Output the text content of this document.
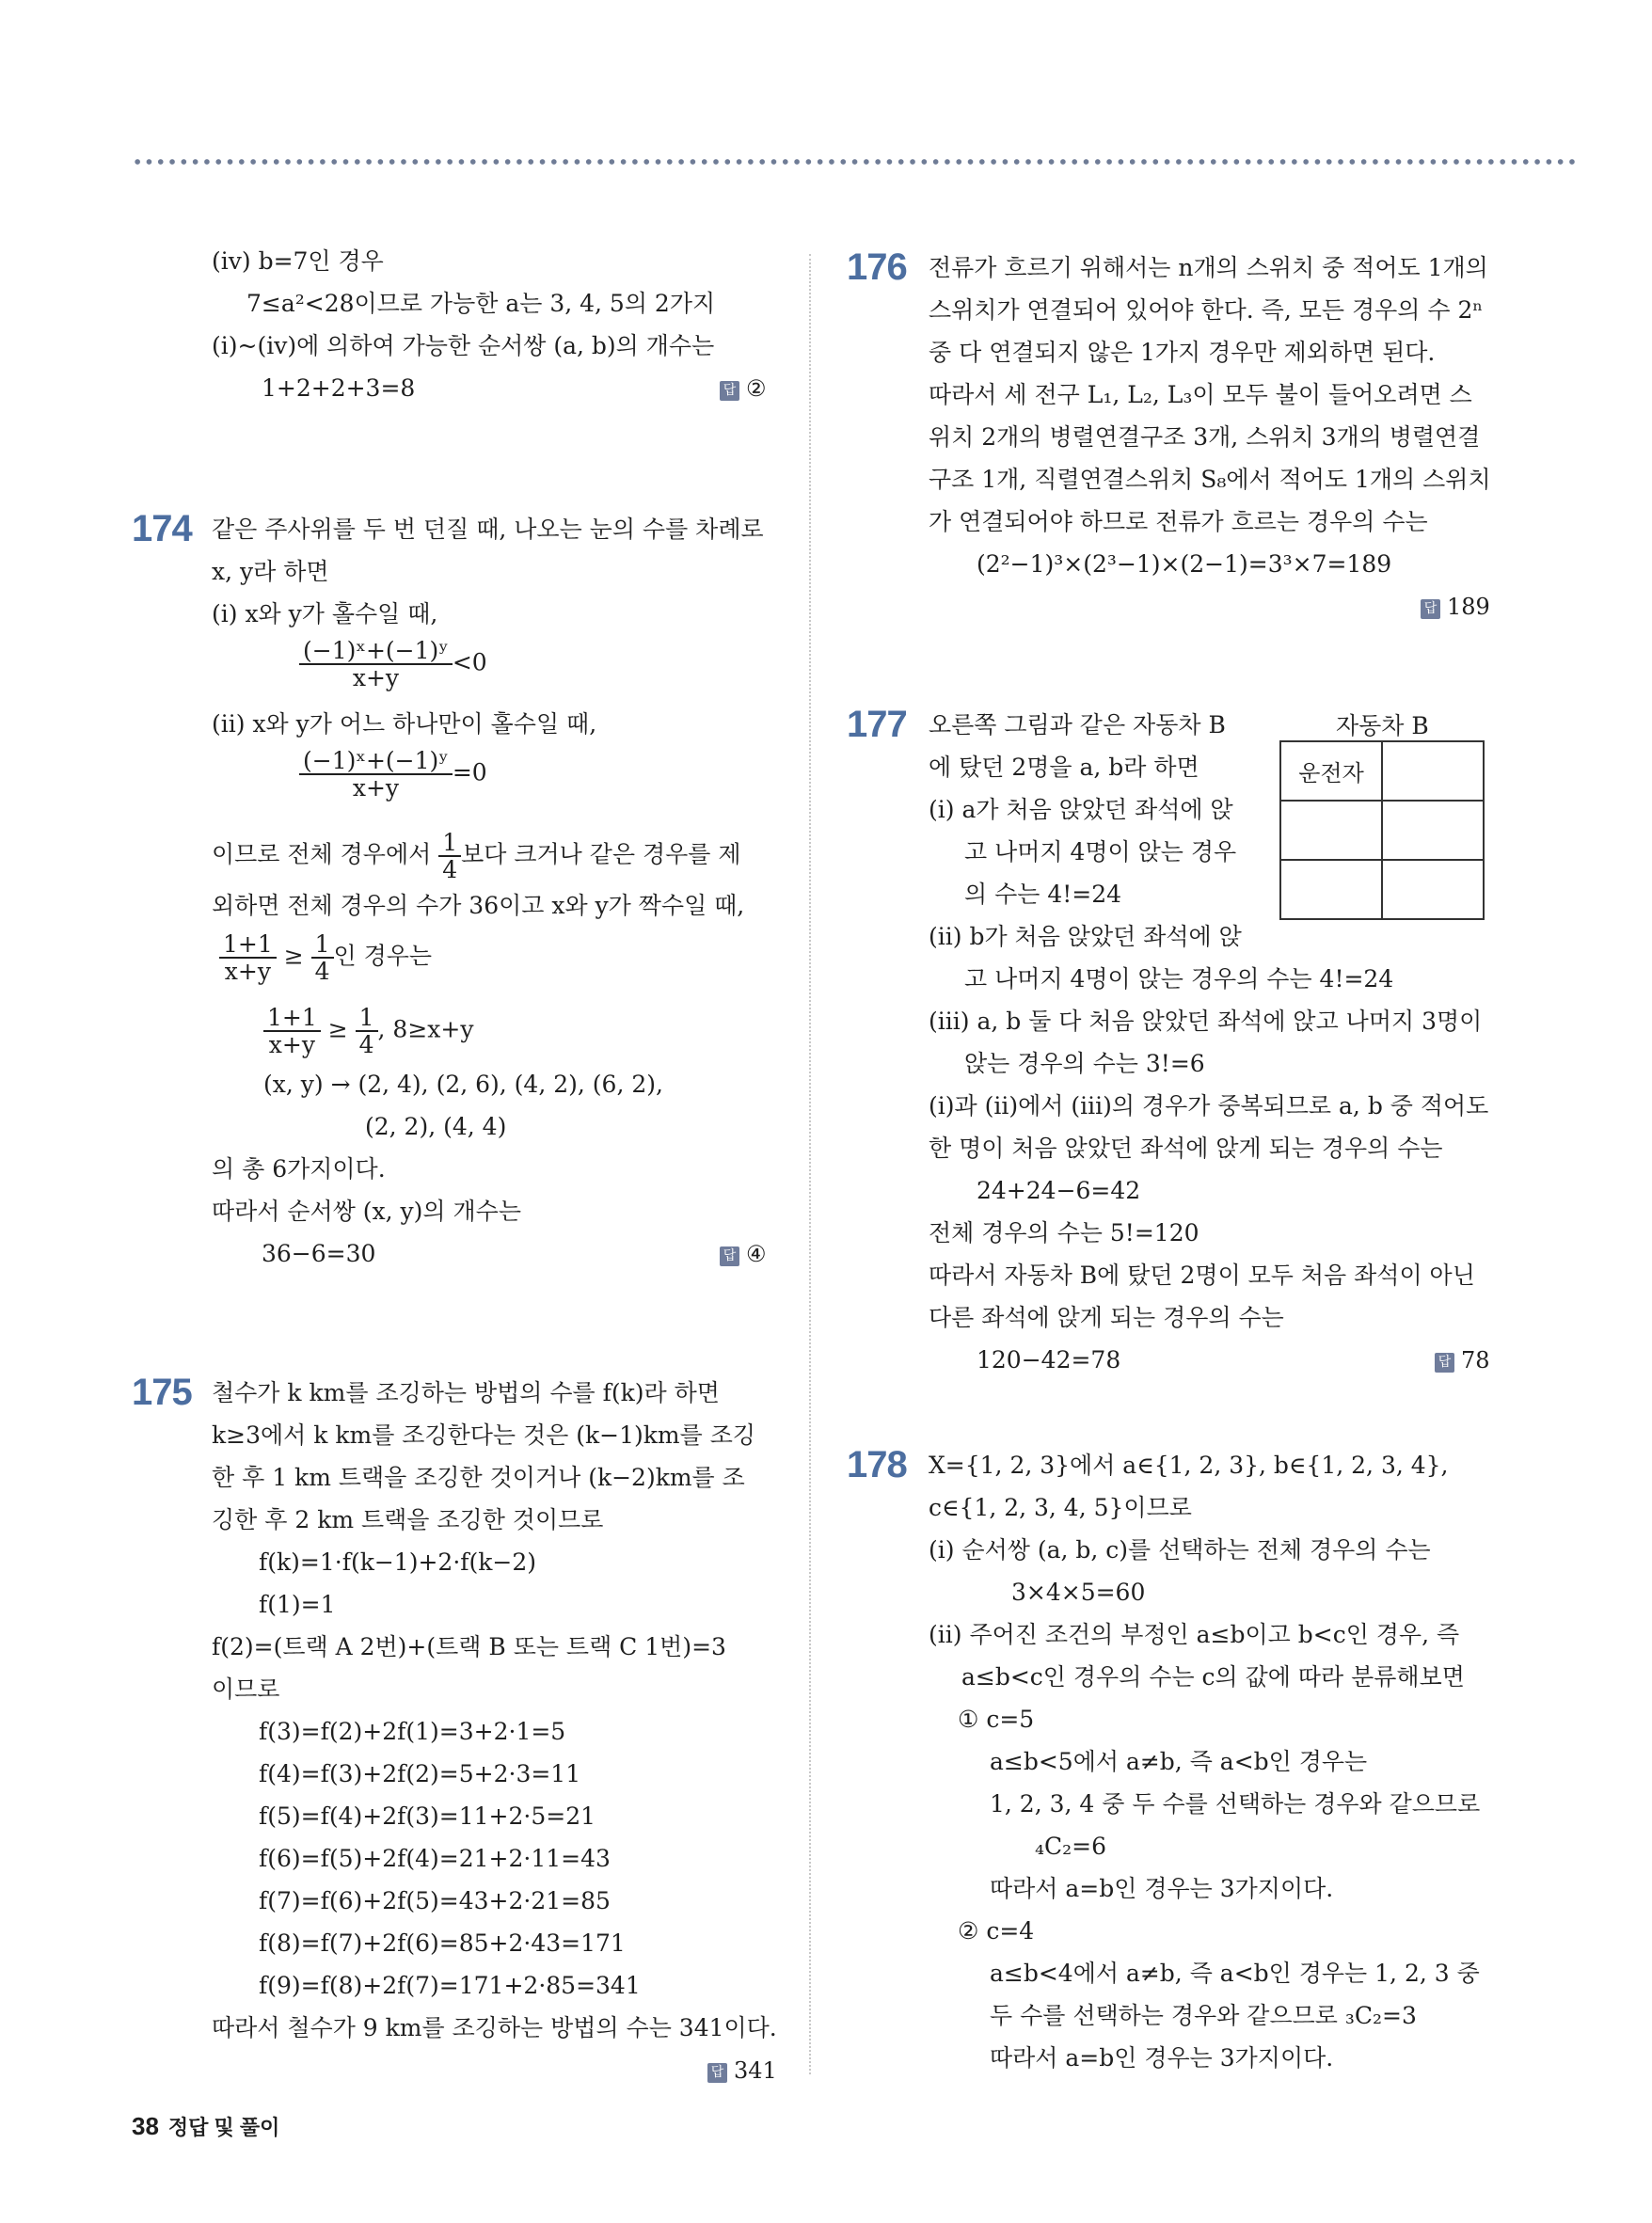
(iv) b=7인 경우
7≤a²<28이므로 가능한 a는 3, 4, 5의 2가지
(i)~(iv)에 의하여 가능한 순서쌍 (a, b)의 개수는
1+2+2+3=8	답 ②
174 같은 주사위를 두 번 던질 때, 나오는 눈의 수를 차례로
x, y라 하면
(i) x와 y가 홀수일 때,
$\frac{\text{(−1)ˣ+(−1)ʸ}}{x+y} <0$
(ii) x와 y가 어느 하나만이 홀수일 때,
$\frac{\text{(−1)ˣ+(−1)ʸ}}{x+y} =0$
이므로 전체 경우에서 $\frac{1}{4}$ 보다 크거나 같은 경우를 제
외하면 전체 경우의 수가 36이고 x와 y가 짝수일 때,
$\frac{1+1}{x+y} \ge \frac{1}{4}$ 인 경우는
$\frac{1+1}{x+y} \ge \frac{1}{4}$ , 8≥x+y
(x, y) → (2, 4), (2, 6), (4, 2), (6, 2),
(2, 2), (4, 4)
의 총 6가지이다.
따라서 순서쌍 (x, y)의 개수는
36−6=30	답 ④
175 철수가 k km를 조깅하는 방법의 수를 f(k)라 하면
k≥3에서 k km를 조깅한다는 것은 (k−1)km를 조깅
한 후 1 km 트랙을 조깅한 것이거나 (k−2)km를 조
깅한 후 2 km 트랙을 조깅한 것이므로
f(k)=1·f(k−1)+2·f(k−2)
f(1)=1
f(2)=(트랙 A 2번)+(트랙 B 또는 트랙 C 1번)=3
이므로
f(3)=f(2)+2f(1)=3+2·1=5
f(4)=f(3)+2f(2)=5+2·3=11
f(5)=f(4)+2f(3)=11+2·5=21
f(6)=f(5)+2f(4)=21+2·11=43
f(7)=f(6)+2f(5)=43+2·21=85
f(8)=f(7)+2f(6)=85+2·43=171
f(9)=f(8)+2f(7)=171+2·85=341
따라서 철수가 9 km를 조깅하는 방법의 수는 341이다.
답 341
176 전류가 흐르기 위해서는 n개의 스위치 중 적어도 1개의
스위치가 연결되어 있어야 한다. 즉, 모든 경우의 수 2ⁿ
중 다 연결되지 않은 1가지 경우만 제외하면 된다.
따라서 세 전구 L₁, L₂, L₃이 모두 불이 들어오려면 스
위치 2개의 병렬연결구조 3개, 스위치 3개의 병렬연결
구조 1개, 직렬연결스위치 S₈에서 적어도 1개의 스위치
가 연결되어야 하므로 전류가 흐르는 경우의 수는
(2²−1)³×(2³−1)×(2−1)=3³×7=189
답 189
177 오른쪽 그림과 같은 자동차 B
에 탔던 2명을 a, b라 하면
(i) a가 처음 앉았던 좌석에 앉
고 나머지 4명이 앉는 경우
의 수는 4!=24
(ii) b가 처음 앉았던 좌석에 앉
고 나머지 4명이 앉는 경우의 수는 4!=24
(iii) a, b 둘 다 처음 앉았던 좌석에 앉고 나머지 3명이
앉는 경우의 수는 3!=6
(i)과 (ii)에서 (iii)의 경우가 중복되므로 a, b 중 적어도
한 명이 처음 앉았던 좌석에 앉게 되는 경우의 수는
24+24−6=42
전체 경우의 수는 5!=120
따라서 자동차 B에 탔던 2명이 모두 처음 좌석이 아닌
다른 좌석에 앉게 되는 경우의 수는
120−42=78	답 78
자동차 B
운전자	

178 X={1, 2, 3}에서 a∈{1, 2, 3}, b∈{1, 2, 3, 4},
c∈{1, 2, 3, 4, 5}이므로
(i) 순서쌍 (a, b, c)를 선택하는 전체 경우의 수는
3×4×5=60
(ii) 주어진 조건의 부정인 a≤b이고 b<c인 경우, 즉
a≤b<c인 경우의 수는 c의 값에 따라 분류해보면
① c=5
a≤b<5에서 a≠b, 즉 a<b인 경우는
1, 2, 3, 4 중 두 수를 선택하는 경우와 같으므로
₄C₂=6
따라서 a=b인 경우는 3가지이다.
② c=4
a≤b<4에서 a≠b, 즉 a<b인 경우는 1, 2, 3 중
두 수를 선택하는 경우와 같으므로 ₃C₂=3
따라서 a=b인 경우는 3가지이다.
38 정답 및 풀이
